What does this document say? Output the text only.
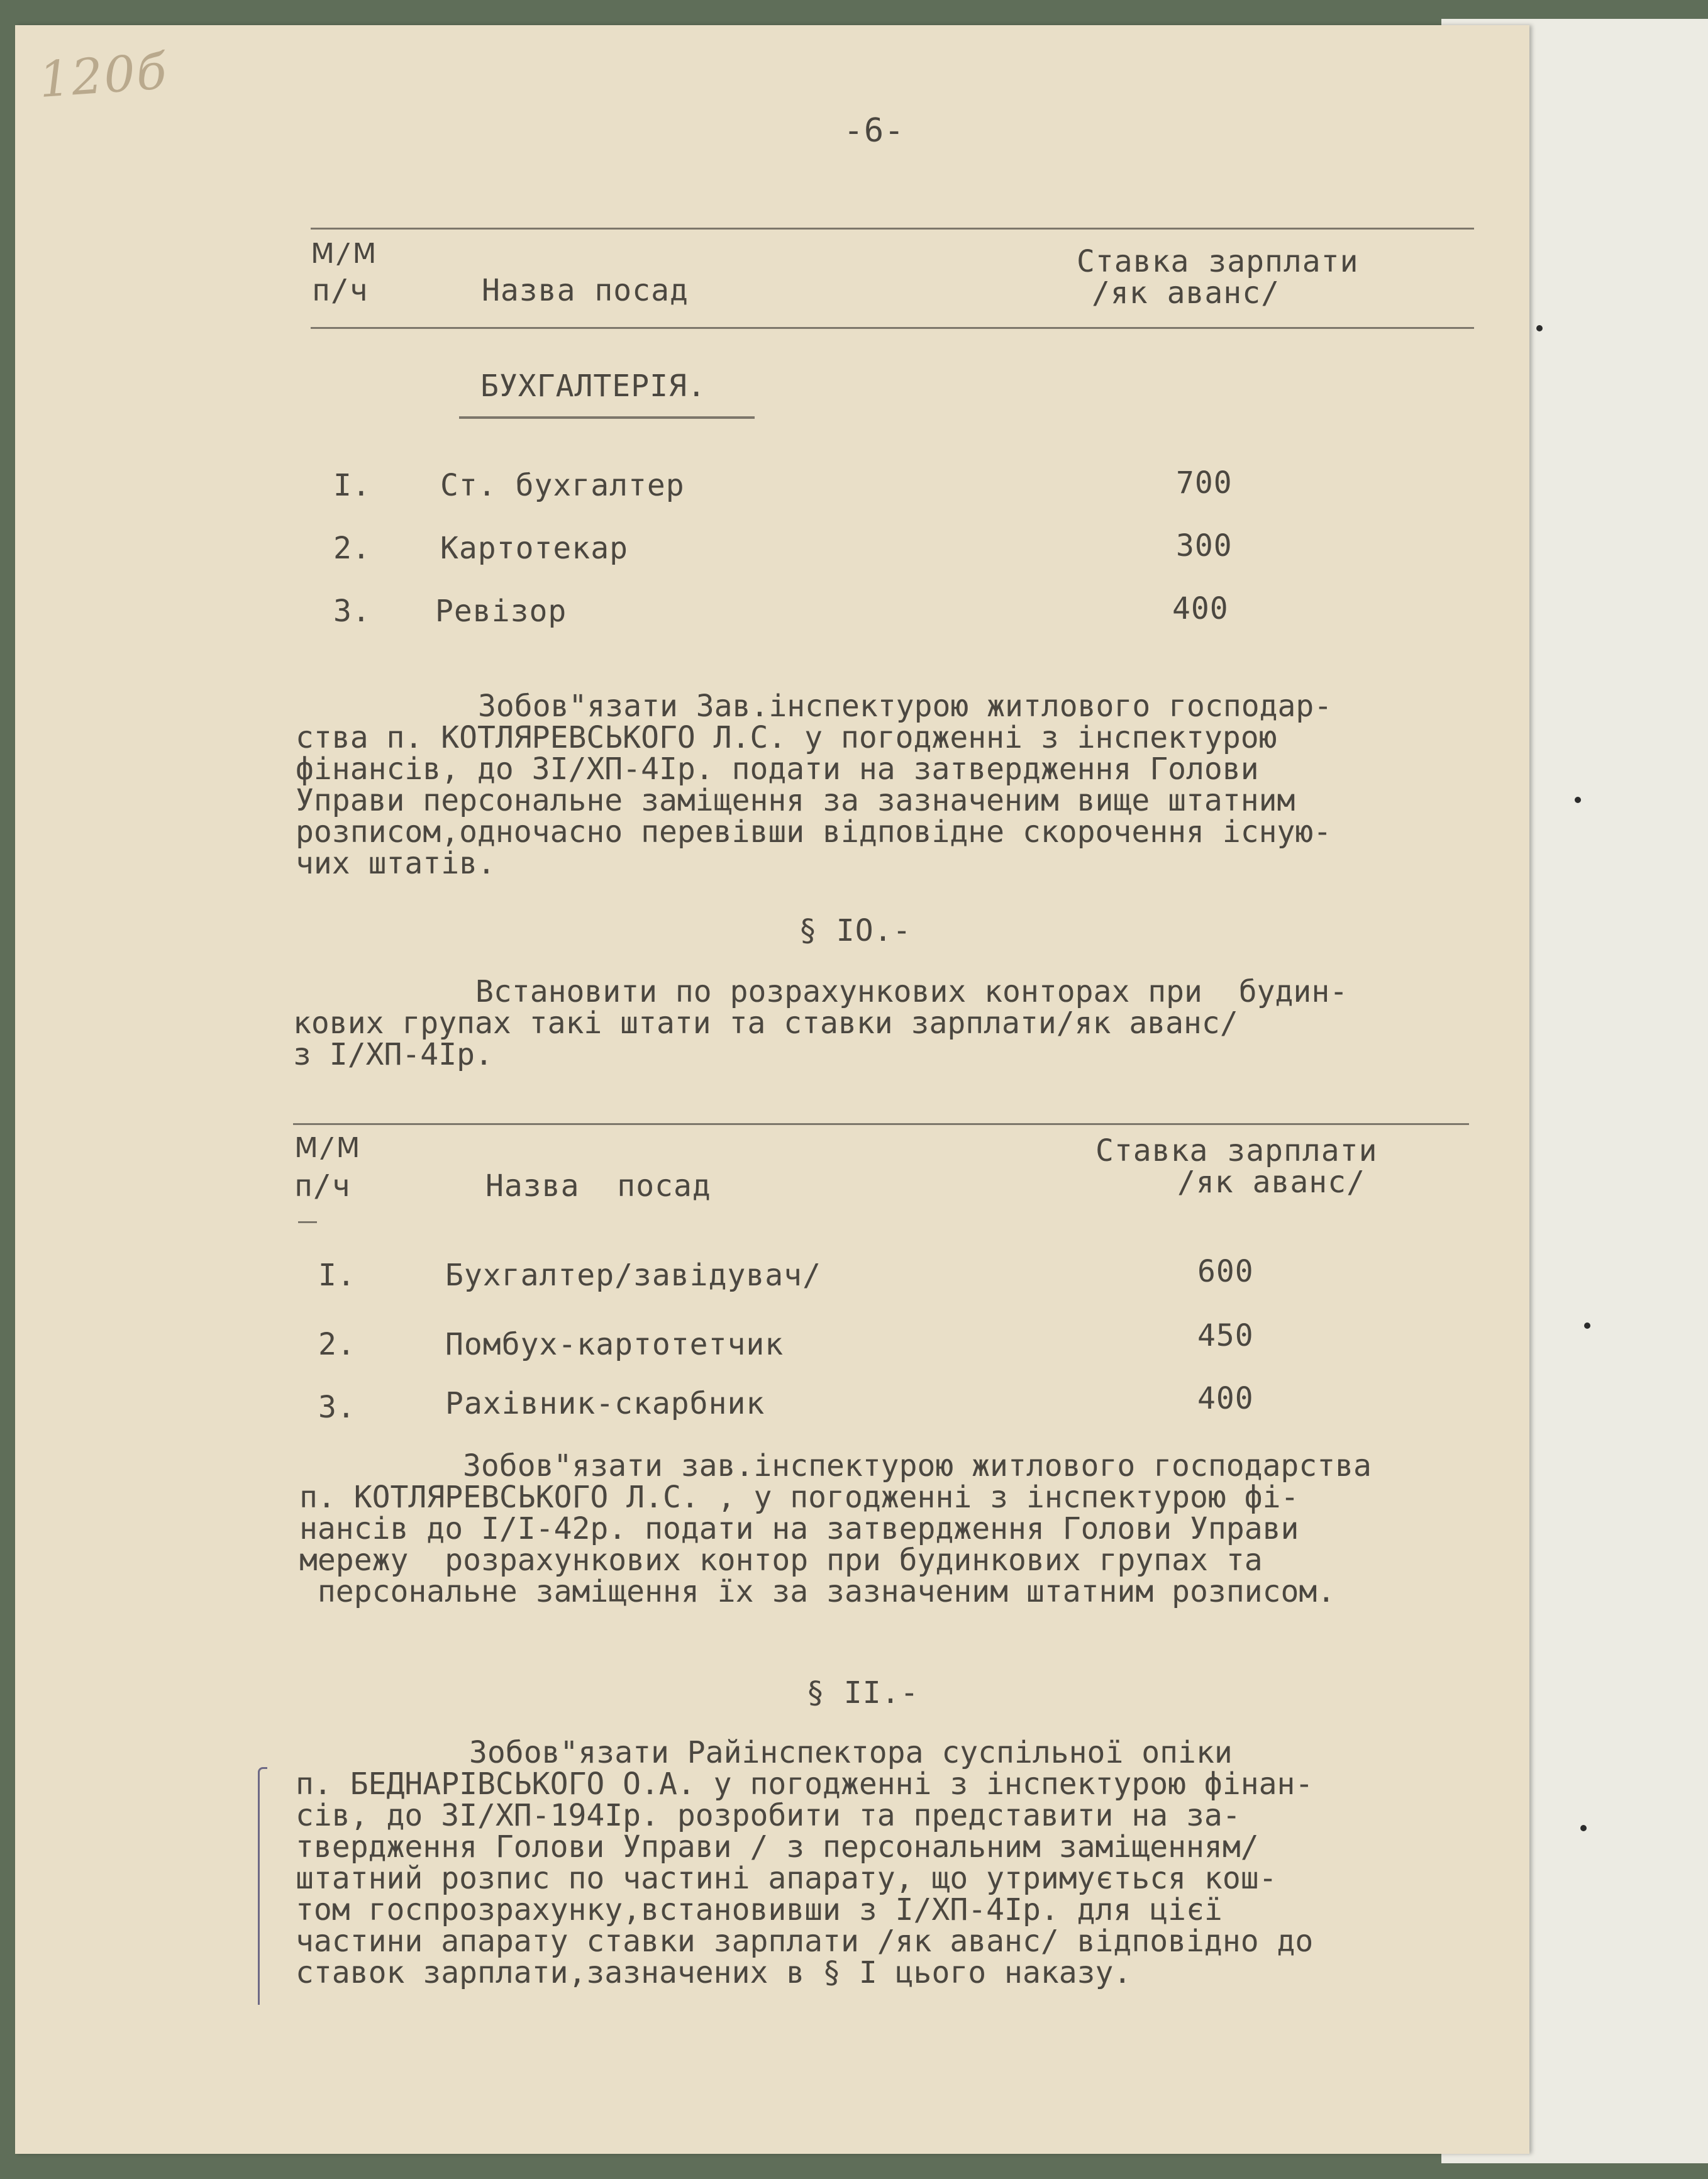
120б
-6-
Ⅿ/Ⅿ
п/ч	Назва посад
Ставка зарплати
/як аванс/
БУХГАЛТЕРІЯ.
I. Ст. бухгалтер	700
2. Картотекар	300
3. Ревізор	400
Зобов"язати Зав.інспектурою житлового господар-
ства п. КОТЛЯРЕВСЬКОГО Л.С. у погодженні з інспектурою
фінансів, до 3I/ХП-4Iр. подати на затвердження Голови
Управи персональне заміщення за зазначеним вище штатним
розписом,одночасно перевівши відповідне скорочення існую-
чих штатів.
§ IO.-
Встановити по розрахункових конторах при  будин-
кових групах такі штати та ставки зарплати/як аванс/
з I/ХП-4Iр.
Ⅿ/Ⅿ
п/ч	Назва  посад
Ставка зарплати
/як аванс/
I.	Бухгалтер/завідувач/	600
2.	Помбух-картотетчик	450
3.	Рахівник-скарбник	400
Зобов"язати зав.інспектурою житлового господарства
п. КОТЛЯРЕВСЬКОГО Л.С. , у погодженні з інспектурою фі-
нансів до I/I-42р. подати на затвердження Голови Управи
мережу  розрахункових контор при будинкових групах та
персональне заміщення їх за зазначеним штатним розписом.
§ II.-
Зобов"язати Райінспектора суспільної опіки
п. БЕДНАРІВСЬКОГО О.А. у погодженні з інспектурою фінан-
сів, до 3I/ХП-194Iр. розробити та представити на за-
твердження Голови Управи / з персональним заміщенням/
штатний розпис по частині апарату, що утримується кош-
том госпрозрахунку,встановивши з I/ХП-4Iр. для цієї
частини апарату ставки зарплати /як аванс/ відповідно до
ставок зарплати,зазначених в § I цього наказу.
